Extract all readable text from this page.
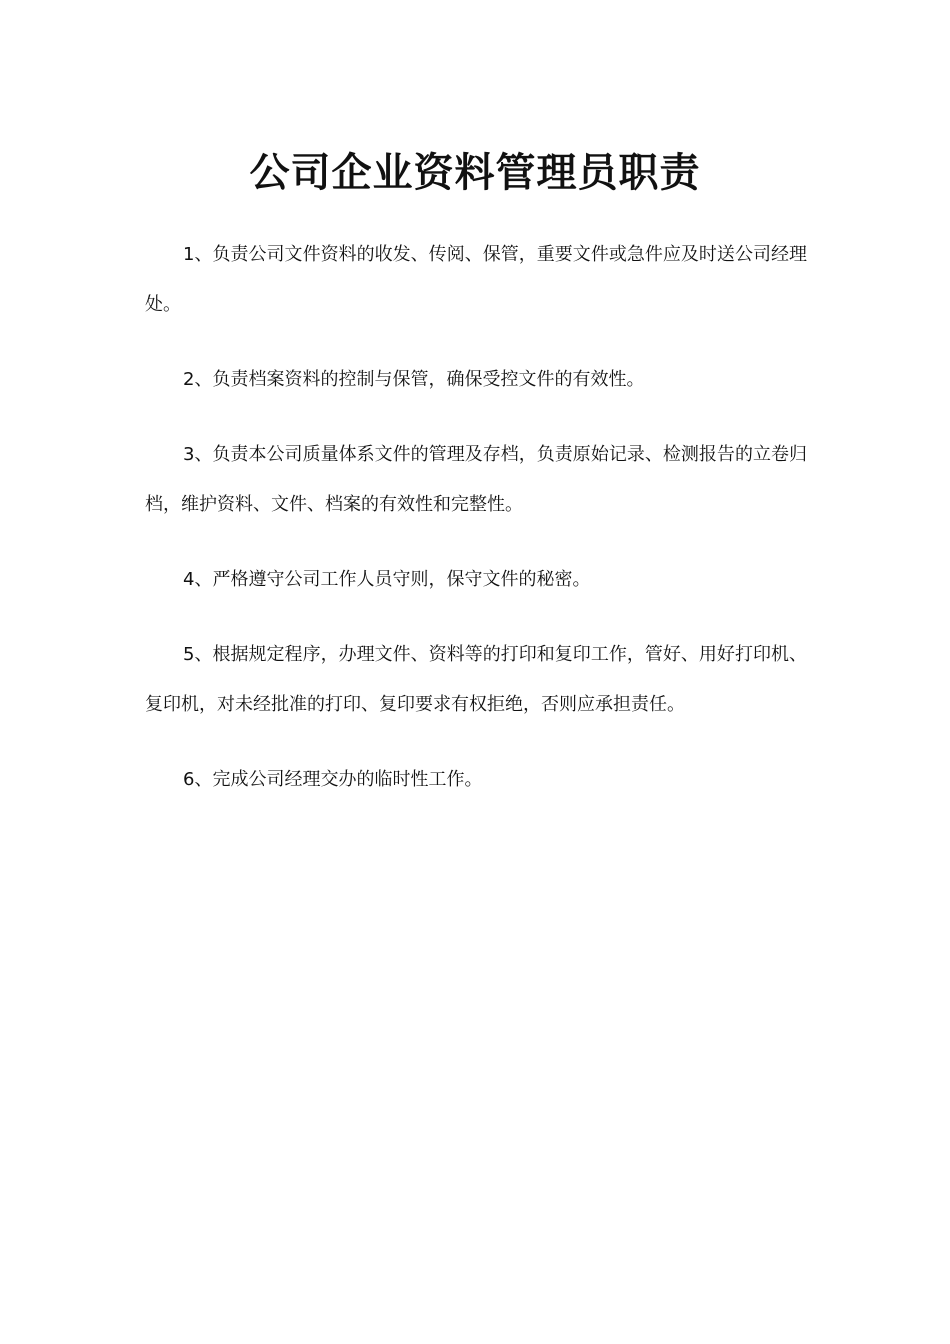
公司企业资料管理员职责

1、负责公司文件资料的收发、传阅、保管，重要文件或急件应及时送公司经理处。

2、负责档案资料的控制与保管，确保受控文件的有效性。

3、负责本公司质量体系文件的管理及存档，负责原始记录、检测报告的立卷归档，维护资料、文件、档案的有效性和完整性。

4、严格遵守公司工作人员守则，保守文件的秘密。

5、根据规定程序，办理文件、资料等的打印和复印工作，管好、用好打印机、复印机，对未经批准的打印、复印要求有权拒绝，否则应承担责任。

6、完成公司经理交办的临时性工作。
